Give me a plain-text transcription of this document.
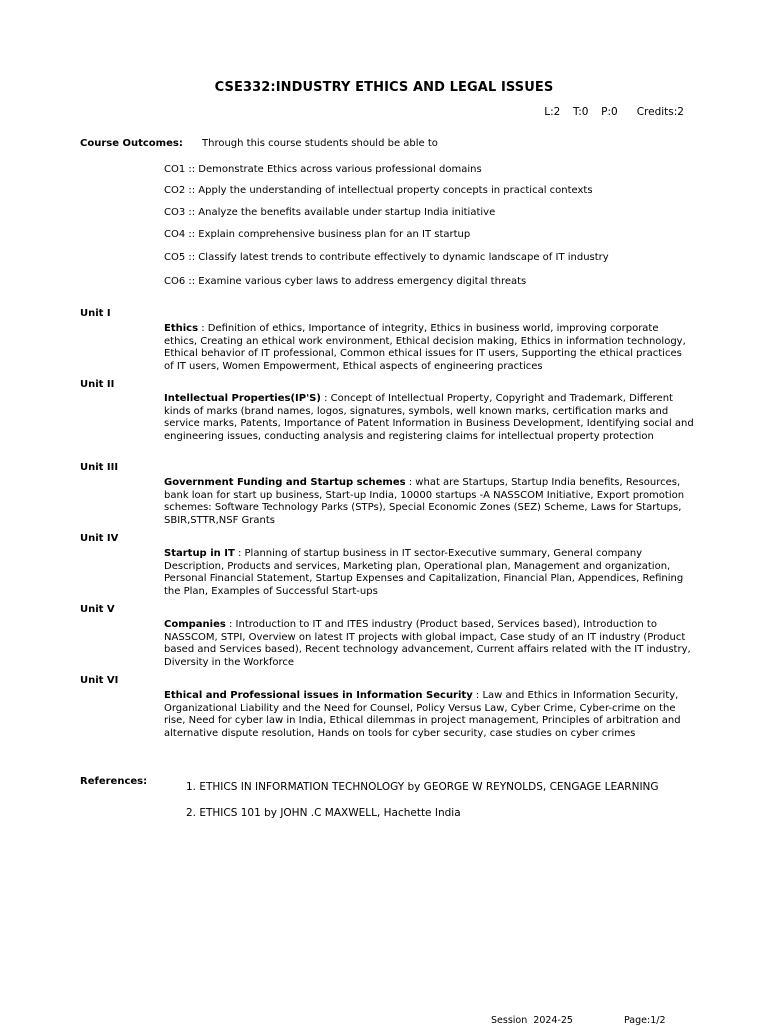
CSE332:INDUSTRY ETHICS AND LEGAL ISSUES
L:2  T:0  P:0   Credits:2
Course Outcomes: Through this course students should be able to
CO1 :: Demonstrate Ethics across various professional domains
CO2 :: Apply the understanding of intellectual property concepts in practical contexts
CO3 :: Analyze the benefits available under startup India initiative
CO4 :: Explain comprehensive business plan for an IT startup
CO5 :: Classify latest trends to contribute effectively to dynamic landscape of IT industry
CO6 :: Examine various cyber laws to address emergency digital threats
Unit I
Ethics : Definition of ethics, Importance of integrity, Ethics in business world, improving corporate ethics, Creating an ethical work environment, Ethical decision making, Ethics in information technology, Ethical behavior of IT professional, Common ethical issues for IT users, Supporting the ethical practices of IT users, Women Empowerment, Ethical aspects of engineering practices
Unit II
Intellectual Properties(IP'S) : Concept of Intellectual Property, Copyright and Trademark, Different kinds of marks (brand names, logos, signatures, symbols, well known marks, certification marks and service marks, Patents, Importance of Patent Information in Business Development, Identifying social and engineering issues, conducting analysis and registering claims for intellectual property protection
Unit III
Government Funding and Startup schemes : what are Startups, Startup India benefits, Resources, bank loan for start up business, Start-up India, 10000 startups -A NASSCOM Initiative, Export promotion schemes: Software Technology Parks (STPs), Special Economic Zones (SEZ) Scheme, Laws for Startups, SBIR,STTR,NSF Grants
Unit IV
Startup in IT : Planning of startup business in IT sector-Executive summary, General company Description, Products and services, Marketing plan, Operational plan, Management and organization, Personal Financial Statement, Startup Expenses and Capitalization, Financial Plan, Appendices, Refining the Plan, Examples of Successful Start-ups
Unit V
Companies : Introduction to IT and ITES industry (Product based, Services based), Introduction to NASSCOM, STPI, Overview on latest IT projects with global impact, Case study of an IT industry (Product based and Services based), Recent technology advancement, Current affairs related with the IT industry, Diversity in the Workforce
Unit VI
Ethical and Professional issues in Information Security : Law and Ethics in Information Security, Organizational Liability and the Need for Counsel, Policy Versus Law, Cyber Crime, Cyber-crime on the rise, Need for cyber law in India, Ethical dilemmas in project management, Principles of arbitration and alternative dispute resolution, Hands on tools for cyber security, case studies on cyber crimes
References:	1. ETHICS IN INFORMATION TECHNOLOGY by GEORGE W REYNOLDS, CENGAGE LEARNING
2. ETHICS 101 by JOHN .C MAXWELL, Hachette India
Session  2024-25	Page:1/2
